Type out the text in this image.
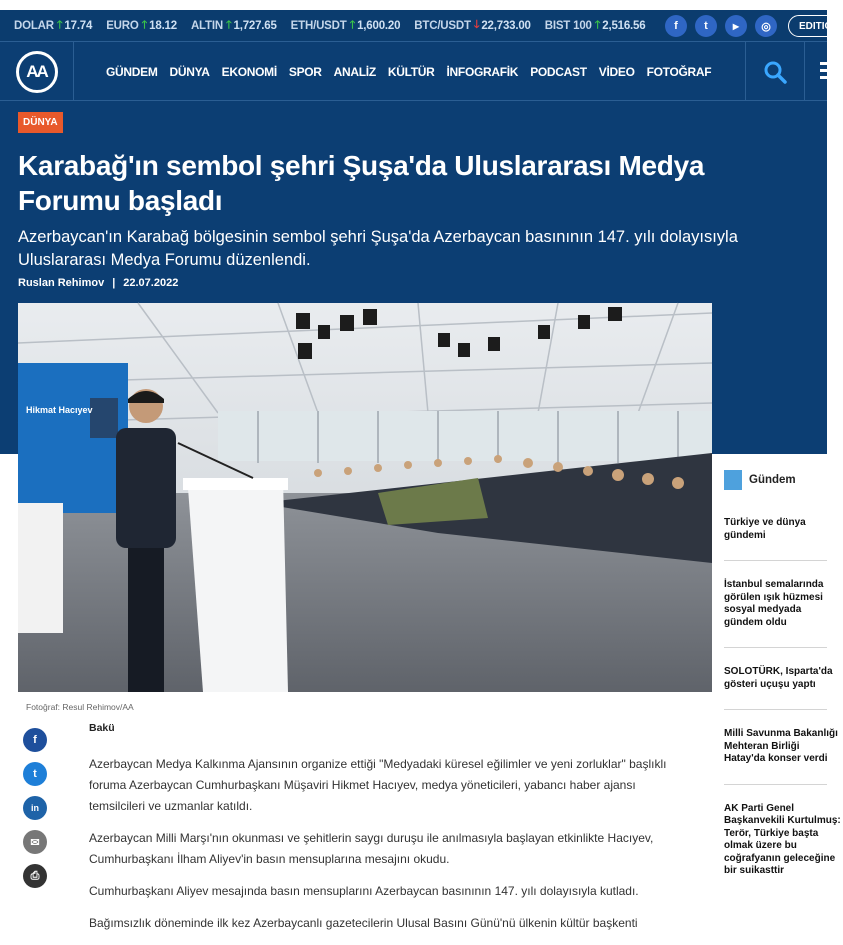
DOLAR 🡑 17.74 EURO 🡑 18.12 ALTIN 🡑 1,727.65 ETH/USDT 🡑 1,600.20 BTC/USDT 🡓 22,733.00 BIST 100 🡑 2,516.56	f	t	▶	◎	EDITIO
AA	GÜNDEM DÜNYA EKONOMİ SPOR ANALİZ KÜLTÜR İNFOGRAFİK PODCAST VİDEO FOTOĞRAF
DÜNYA
Karabağ'ın sembol şehri Şuşa'da Uluslararası Medya
Forumu başladı
Azerbaycan'ın Karabağ bölgesinin sembol şehri Şuşa'da Azerbaycan basınının 147. yılı dolayısıyla Uluslararası Medya Forumu düzenlendi.
Ruslan Rehimov | 22.07.2022
Hikmat Hacıyev
Fotoğraf: Resul Rehimov/AA
f
t
in
✉
⎙
Bakü

Azerbaycan Medya Kalkınma Ajansının organize ettiği "Medyadaki küresel eğilimler ve yeni zorluklar" başlıklı foruma Azerbaycan Cumhurbaşkanı Müşaviri Hikmet Hacıyev, medya yöneticileri, yabancı haber ajansı temsilcileri ve uzmanlar katıldı.

Azerbaycan Milli Marşı'nın okunması ve şehitlerin saygı duruşu ile anılmasıyla başlayan etkinlikte Hacıyev, Cumhurbaşkanı İlham Aliyev'in basın mensuplarına mesajını okudu.

Cumhurbaşkanı Aliyev mesajında basın mensuplarını Azerbaycan basınının 147. yılı dolayısıyla kutladı.

Bağımsızlık döneminde ilk kez Azerbaycanlı gazetecilerin Ulusal Basını Günü'nü ülkenin kültür başkenti

Gündem
Türkiye ve dünya
gündemi
İstanbul semalarında
görülen ışık hüzmesi
sosyal medyada
gündem oldu
SOLOTÜRK, Isparta'da
gösteri uçuşu yaptı
Milli Savunma Bakanlığı
Mehteran Birliği
Hatay'da konser verdi
AK Parti Genel
Başkanvekili Kurtulmuş:
Terör, Türkiye başta
olmak üzere bu
coğrafyanın geleceğine
bir suikasttir
